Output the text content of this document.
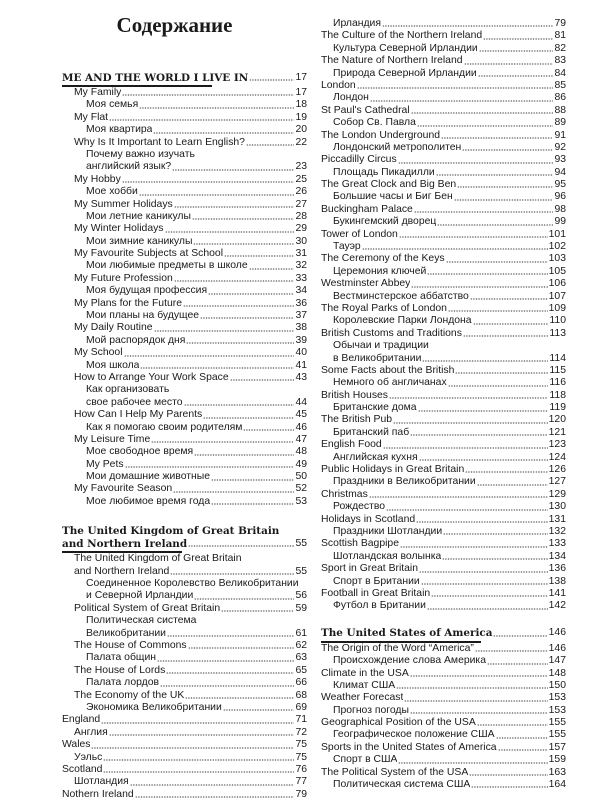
Содержание
ME AND THE WORLD I LIVE IN	17
My Family	17
Моя семья	18
My Flat	19
Моя квартира	20
Why Is It Important to Learn English?	22
Почему важно изучать
английский язык?	23
My Hobby	25
Мое хобби	26
My Summer Holidays	27
Мои летние каникулы	28
My Winter Holidays	29
Мои зимние каникулы	30
My Favourite Subjects at School	31
Мои любимые предметы в школе	32
My Future Profession	33
Моя будущая профессия	34
My Plans for the Future	36
Мои планы на будущее	37
My Daily Routine	38
Мой распорядок дня	39
My School	40
Моя школа	41
How to Arrange Your Work Space	43
Как организовать
свое рабочее место	44
How Can I Help My Parents	45
Как я помогаю своим родителям	46
My Leisure Time	47
Мое свободное время	48
My Pets	49
Мои домашние животные	50
My Favourite Season	52
Мое любимое время года	53
The United Kingdom of Great Britain
and Northern Ireland	55
The United Kingdom of Great Britain
and Northern Ireland	55
Соединенное Королевство Великобритании
и Северной Ирландии	56
Political System of Great Britain	59
Политическая система
Великобритании	61
The House of Commons	62
Палата общин	63
The House of Lords	65
Палата лордов	66
The Economy of the UK	68
Экономика Великобритании	69
England	71
Англия	72
Wales	75
Уэльс	75
Scotland	76
Шотландия	77
Nothern Ireland	79
Ирландия	79
The Culture of the Northern Ireland	81
Культура Северной Ирландии	82
The Nature of Northern Ireland	83
Природа Северной Ирландии	84
London	85
Лондон	86
St Paul's Cathedral	88
Собор Св. Павла	89
The London Underground	91
Лондонский метрополитен	92
Piccadilly Circus	93
Площадь Пикадилли	94
The Great Clock and Big Ben	95
Большие часы и Биг Бен	96
Buckingham Palace	98
Букингемский дворец	99
Tower of London	101
Тауэр	102
The Ceremony of the Keys	103
Церемония ключей	105
Westminster Abbey	106
Вестминстерское аббатство	107
The Royal Parks of London	109
Королевские Парки Лондона	110
British Customs and Traditions	113
Обычаи и традиции
в Великобритании	114
Some Facts about the British	115
Немного об англичанах	116
British Houses	118
Британские дома	119
The British Pub	120
Британский паб	121
English Food	123
Английская кухня	124
Public Holidays in Great Britain	126
Праздники в Великобритании	127
Christmas	129
Рождество	130
Holidays in Scotland	131
Праздники Шотландии	132
Scottish Bagpipe	133
Шотландская волынка	134
Sport in Great Britain	136
Спорт в Британии	138
Football in Great Britain	141
Футбол в Британии	142
The United States of America	146
The Origin of the Word “America”	146
Происхождение слова Америка	147
Climate in the USA	148
Климат США	150
Weather Forecast	153
Прогноз погоды	153
Geographical Position of the USA	155
Географическое положение США	155
Sports in the United States of America	157
Спорт в США	159
The Political System of the USA	163
Политическая система США	164
